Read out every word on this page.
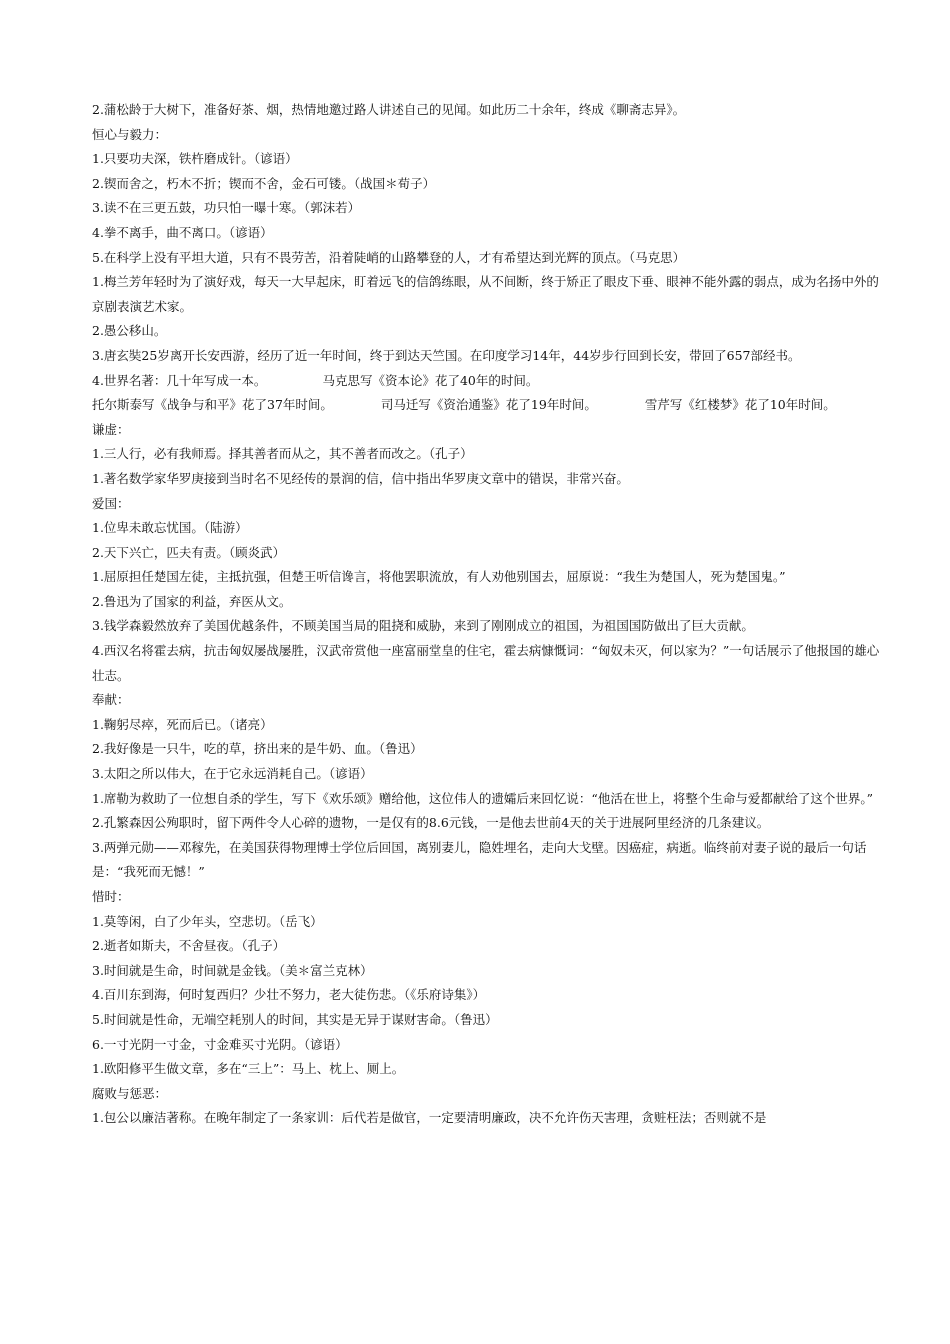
2.蒲松龄于大树下，准备好茶、烟，热情地邀过路人讲述自己的见闻。如此历二十余年，终成《聊斋志异》。

恒心与毅力：

1.只要功夫深，铁杵磨成针。（谚语）

2.锲而舍之，朽木不折；锲而不舍，金石可镂。（战国＊荀子）

3.读不在三更五鼓，功只怕一曝十寒。（郭沫若）

4.拳不离手，曲不离口。（谚语）

5.在科学上没有平坦大道，只有不畏劳苦，沿着陡峭的山路攀登的人，才有希望达到光辉的顶点。（马克思）

1.梅兰芳年轻时为了演好戏，每天一大早起床，盯着远飞的信鸽练眼，从不间断，终于矫正了眼皮下垂、眼神不能外露的弱点，成为名扬中外的京剧表演艺术家。

2.愚公移山。

3.唐玄奘25岁离开长安西游，经历了近一年时间，终于到达天竺国。在印度学习14年，44岁步行回到长安，带回了657部经书。

4.世界名著：几十年写成一本。	马克思写《资本论》花了40年的时间。

托尔斯泰写《战争与和平》花了37年时间。	司马迁写《资治通鉴》花了19年时间。	雪芹写《红楼梦》花了10年时间。

谦虚：

1.三人行，必有我师焉。择其善者而从之，其不善者而改之。（孔子）

1.著名数学家华罗庚接到当时名不见经传的景润的信，信中指出华罗庚文章中的错误，非常兴奋。

爱国：

1.位卑未敢忘忧国。（陆游）

2.天下兴亡，匹夫有责。（顾炎武）

1.屈原担任楚国左徒，主抵抗强，但楚王听信谗言，将他罢职流放，有人劝他别国去，屈原说：“我生为楚国人，死为楚国鬼。”

2.鲁迅为了国家的利益，弃医从文。

3.钱学森毅然放弃了美国优越条件，不顾美国当局的阻挠和威胁，来到了刚刚成立的祖国，为祖国国防做出了巨大贡献。

4.西汉名将霍去病，抗击匈奴屡战屡胜，汉武帝赏他一座富丽堂皇的住宅，霍去病慷慨词：“匈奴未灭，何以家为？”一句话展示了他报国的雄心壮志。

奉献：

1.鞠躬尽瘁，死而后已。（诸亮）

2.我好像是一只牛，吃的草，挤出来的是牛奶、血。（鲁迅）

3.太阳之所以伟大，在于它永远消耗自己。（谚语）

1.席勒为救助了一位想自杀的学生，写下《欢乐颂》赠给他，这位伟人的遗孀后来回忆说：“他活在世上，将整个生命与爱都献给了这个世界。”

2.孔繁森因公殉职时，留下两件令人心碎的遗物，一是仅有的8.6元钱，一是他去世前4天的关于进展阿里经济的几条建议。

3.两弹元勋——邓稼先，在美国获得物理博士学位后回国，离别妻儿，隐姓埋名，走向大戈壁。因癌症，病逝。临终前对妻子说的最后一句话是：“我死而无憾！”

惜时：

1.莫等闲，白了少年头，空悲切。（岳飞）

2.逝者如斯夫，不舍昼夜。（孔子）

3.时间就是生命，时间就是金钱。（美＊富兰克林）

4.百川东到海，何时复西归？少壮不努力，老大徒伤悲。（《乐府诗集》）

5.时间就是性命，无端空耗别人的时间，其实是无异于谋财害命。（鲁迅）

6.一寸光阴一寸金，寸金难买寸光阴。（谚语）

1.欧阳修平生做文章，多在“三上”：马上、枕上、厕上。

腐败与惩恶：

1.包公以廉洁著称。在晚年制定了一条家训：后代若是做官，一定要清明廉政，决不允许伤天害理，贪赃枉法；否则就不是
